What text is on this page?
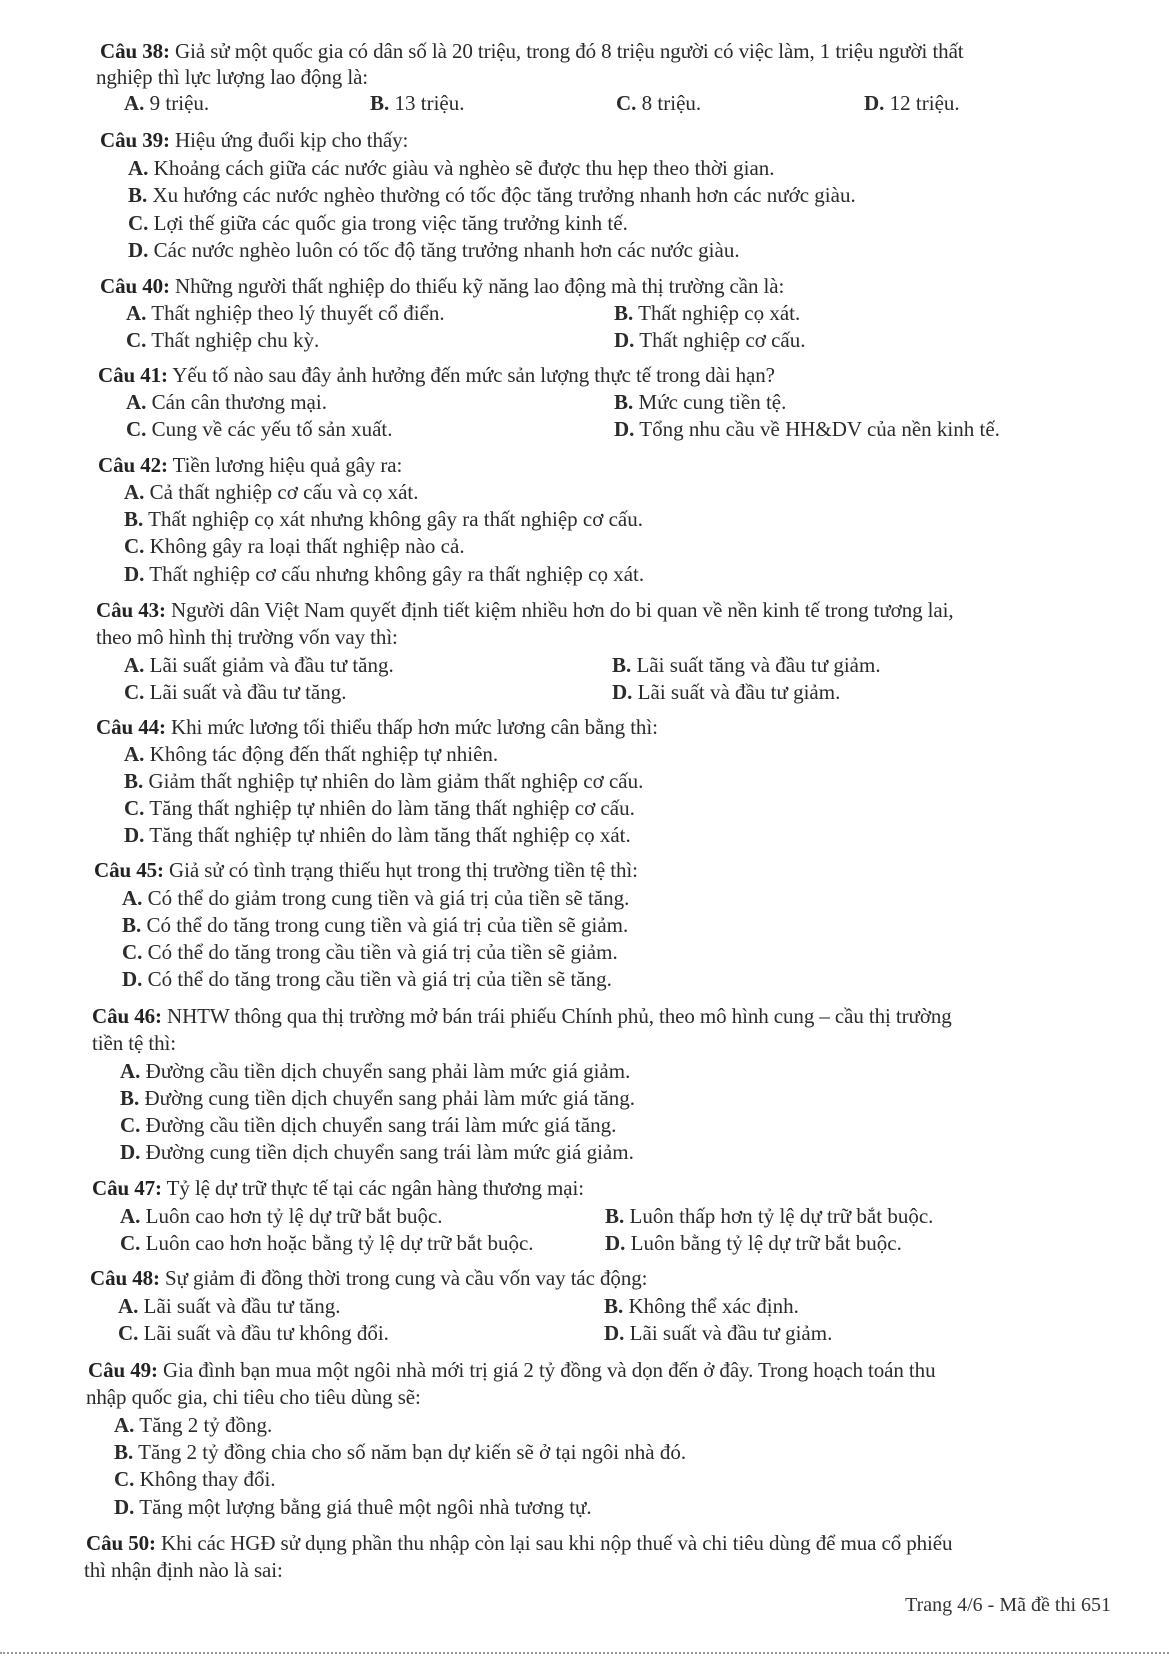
Câu 38: Giả sử một quốc gia có dân số là 20 triệu, trong đó 8 triệu người có việc làm, 1 triệu người thất
nghiệp thì lực lượng lao động là:
A. 9 triệu.	B. 13 triệu.	C. 8 triệu.	D. 12 triệu.
Câu 39: Hiệu ứng đuổi kịp cho thấy:
A. Khoảng cách giữa các nước giàu và nghèo sẽ được thu hẹp theo thời gian.
B. Xu hướng các nước nghèo thường có tốc độc tăng trưởng nhanh hơn các nước giàu.
C. Lợi thế giữa các quốc gia trong việc tăng trưởng kinh tế.
D. Các nước nghèo luôn có tốc độ tăng trưởng nhanh hơn các nước giàu.
Câu 40: Những người thất nghiệp do thiếu kỹ năng lao động mà thị trường cần là:
A. Thất nghiệp theo lý thuyết cổ điển.	B. Thất nghiệp cọ xát.
C. Thất nghiệp chu kỳ.	D. Thất nghiệp cơ cấu.
Câu 41: Yếu tố nào sau đây ảnh hưởng đến mức sản lượng thực tế trong dài hạn?
A. Cán cân thương mại.	B. Mức cung tiền tệ.
C. Cung về các yếu tố sản xuất.	D. Tổng nhu cầu về HH&DV của nền kinh tế.
Câu 42: Tiền lương hiệu quả gây ra:
A. Cả thất nghiệp cơ cấu và cọ xát.
B. Thất nghiệp cọ xát nhưng không gây ra thất nghiệp cơ cấu.
C. Không gây ra loại thất nghiệp nào cả.
D. Thất nghiệp cơ cấu nhưng không gây ra thất nghiệp cọ xát.
Câu 43: Người dân Việt Nam quyết định tiết kiệm nhiều hơn do bi quan về nền kinh tế trong tương lai,
theo mô hình thị trường vốn vay thì:
A. Lãi suất giảm và đầu tư tăng.	B. Lãi suất tăng và đầu tư giảm.
C. Lãi suất và đầu tư tăng.	D. Lãi suất và đầu tư giảm.
Câu 44: Khi mức lương tối thiểu thấp hơn mức lương cân bằng thì:
A. Không tác động đến thất nghiệp tự nhiên.
B. Giảm thất nghiệp tự nhiên do làm giảm thất nghiệp cơ cấu.
C. Tăng thất nghiệp tự nhiên do làm tăng thất nghiệp cơ cấu.
D. Tăng thất nghiệp tự nhiên do làm tăng thất nghiệp cọ xát.
Câu 45: Giả sử có tình trạng thiếu hụt trong thị trường tiền tệ thì:
A. Có thể do giảm trong cung tiền và giá trị của tiền sẽ tăng.
B. Có thể do tăng trong cung tiền và giá trị của tiền sẽ giảm.
C. Có thể do tăng trong cầu tiền và giá trị của tiền sẽ giảm.
D. Có thể do tăng trong cầu tiền và giá trị của tiền sẽ tăng.
Câu 46: NHTW thông qua thị trường mở bán trái phiếu Chính phủ, theo mô hình cung – cầu thị trường
tiền tệ thì:
A. Đường cầu tiền dịch chuyển sang phải làm mức giá giảm.
B. Đường cung tiền dịch chuyển sang phải làm mức giá tăng.
C. Đường cầu tiền dịch chuyển sang trái làm mức giá tăng.
D. Đường cung tiền dịch chuyển sang trái làm mức giá giảm.
Câu 47: Tỷ lệ dự trữ thực tế tại các ngân hàng thương mại:
A. Luôn cao hơn tỷ lệ dự trữ bắt buộc.	B. Luôn thấp hơn tỷ lệ dự trữ bắt buộc.
C. Luôn cao hơn hoặc bằng tỷ lệ dự trữ bắt buộc.	D. Luôn bằng tỷ lệ dự trữ bắt buộc.
Câu 48: Sự giảm đi đồng thời trong cung và cầu vốn vay tác động:
A. Lãi suất và đầu tư tăng.	B. Không thể xác định.
C. Lãi suất và đầu tư không đổi.	D. Lãi suất và đầu tư giảm.
Câu 49: Gia đình bạn mua một ngôi nhà mới trị giá 2 tỷ đồng và dọn đến ở đây. Trong hoạch toán thu
nhập quốc gia, chi tiêu cho tiêu dùng sẽ:
A. Tăng 2 tỷ đồng.
B. Tăng 2 tỷ đồng chia cho số năm bạn dự kiến sẽ ở tại ngôi nhà đó.
C. Không thay đổi.
D. Tăng một lượng bằng giá thuê một ngôi nhà tương tự.
Câu 50: Khi các HGĐ sử dụng phần thu nhập còn lại sau khi nộp thuế và chi tiêu dùng để mua cổ phiếu
thì nhận định nào là sai:
Trang 4/6 - Mã đề thi 651
